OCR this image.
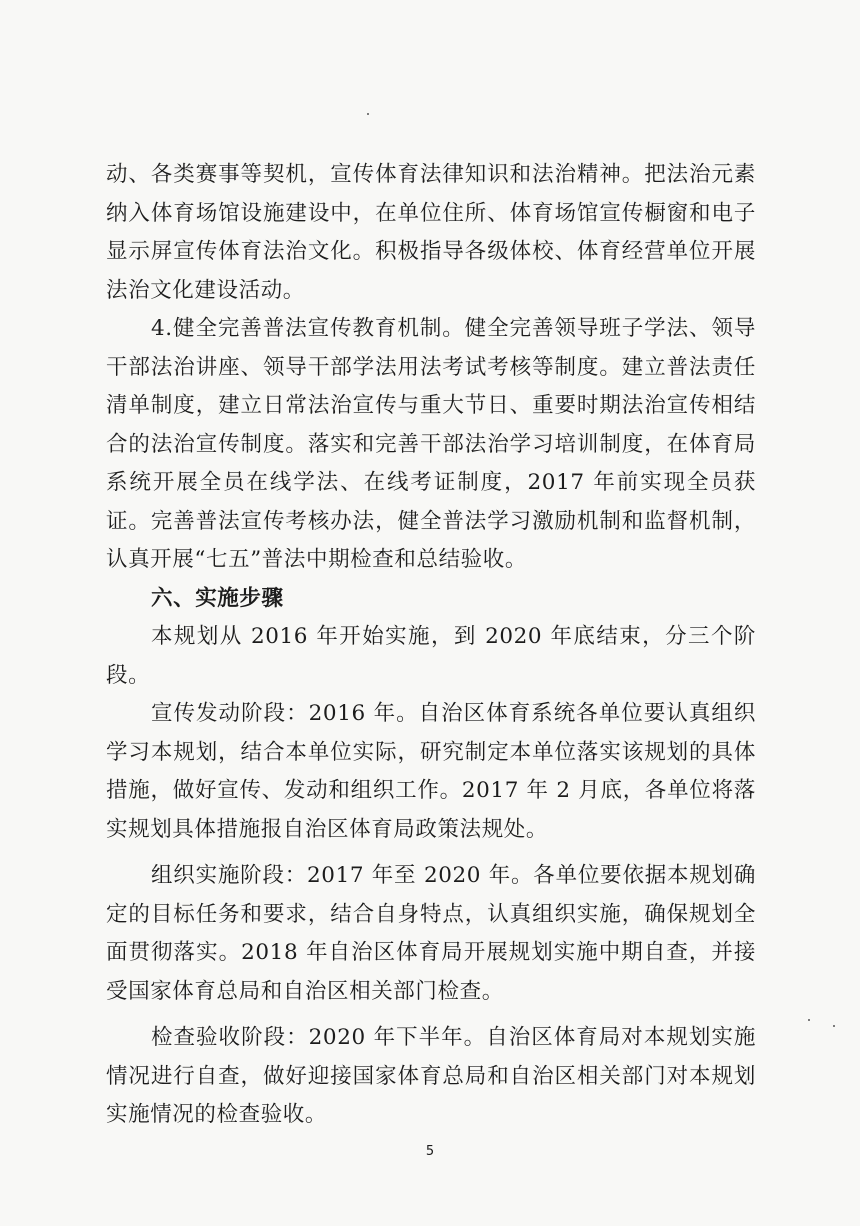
动、各类赛事等契机，宣传体育法律知识和法治精神。把法治元素纳入体育场馆设施建设中，在单位住所、体育场馆宣传橱窗和电子显示屏宣传体育法治文化。积极指导各级体校、体育经营单位开展法治文化建设活动。

4.健全完善普法宣传教育机制。健全完善领导班子学法、领导干部法治讲座、领导干部学法用法考试考核等制度。建立普法责任清单制度，建立日常法治宣传与重大节日、重要时期法治宣传相结合的法治宣传制度。落实和完善干部法治学习培训制度，在体育局系统开展全员在线学法、在线考证制度，2017 年前实现全员获证。完善普法宣传考核办法，健全普法学习激励机制和监督机制，认真开展“七五”普法中期检查和总结验收。

六、实施步骤

本规划从 2016 年开始实施，到 2020 年底结束，分三个阶段。

宣传发动阶段：2016 年。自治区体育系统各单位要认真组织学习本规划，结合本单位实际，研究制定本单位落实该规划的具体措施，做好宣传、发动和组织工作。2017 年 2 月底，各单位将落实规划具体措施报自治区体育局政策法规处。

组织实施阶段：2017 年至 2020 年。各单位要依据本规划确定的目标任务和要求，结合自身特点，认真组织实施，确保规划全面贯彻落实。2018 年自治区体育局开展规划实施中期自查，并接受国家体育总局和自治区相关部门检查。

检查验收阶段：2020 年下半年。自治区体育局对本规划实施情况进行自查，做好迎接国家体育总局和自治区相关部门对本规划实施情况的检查验收。

5
